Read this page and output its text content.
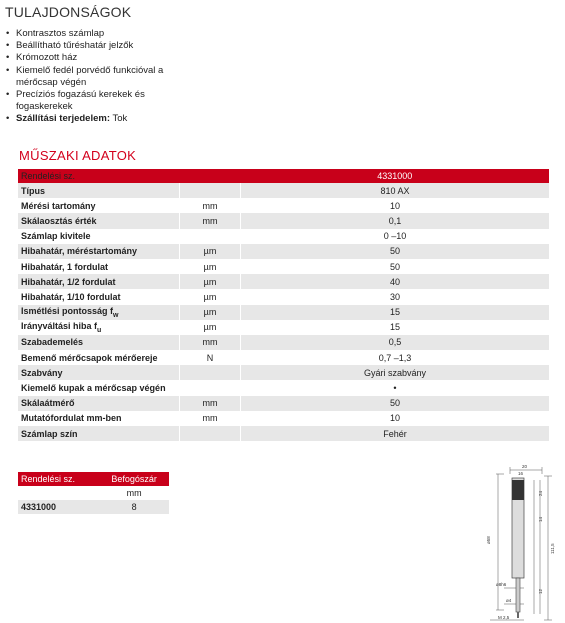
TULAJDONSÁGOK
• Kontrasztos számlap
• Beállítható tűréshatár jelzők
• Krómozott ház
• Kiemelő fedél porvédő funkcióval a mérőcsap végén
• Precíziós fogazású kerekek és fogaskerekek
• Szállítási terjedelem: Tok
MŰSZAKI ADATOK
Rendelési sz.		4331000
Típus		810 AX
Mérési tartomány	mm	10
Skálaosztás érték	mm	0,1
Számlap kivitele		0 –10
Hibahatár, méréstartomány	µm	50
Hibahatár, 1 fordulat	µm	50
Hibahatár, 1/2 fordulat	µm	40
Hibahatár, 1/10 fordulat	µm	30
Ismétlési pontosság $f_w$	µm	15
Irányváltási hiba $f_u$	µm	15
Szabademelés	mm	0,5
Bemenő mérőcsapok mérőereje	N	0,7 –1,3
Szabvány		Gyári szabvány
Kiemelő kupak a mérőcsap végén		•
Skálaátmérő	mm	50
Mutatófordulat mm-ben	mm	10
Számlap szín		Fehér
Rendelési sz.	Befogószár
	mm
4331000	8
20
16
ø58
ø8h6
ø4
M 2,5
111,5
12
14
24
